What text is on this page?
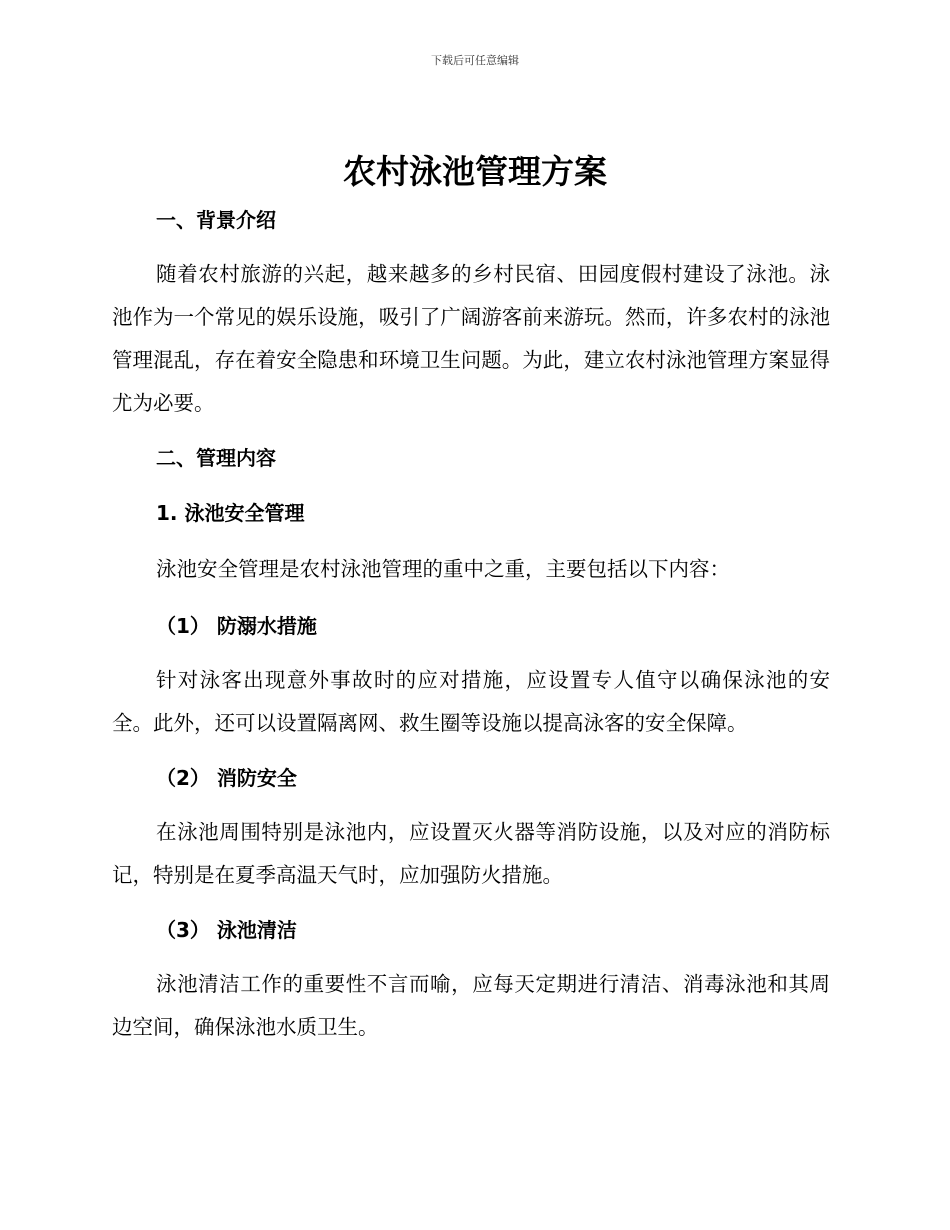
下载后可任意编辑
农村泳池管理方案
一、背景介绍

随着农村旅游的兴起，越来越多的乡村民宿、田园度假村建设了泳池。泳池作为一个常见的娱乐设施，吸引了广阔游客前来游玩。然而，许多农村的泳池管理混乱，存在着安全隐患和环境卫生问题。为此，建立农村泳池管理方案显得尤为必要。

二、管理内容
1. 泳池安全管理

泳池安全管理是农村泳池管理的重中之重，主要包括以下内容：

（1） 防溺水措施

针对泳客出现意外事故时的应对措施，应设置专人值守以确保泳池的安全。此外，还可以设置隔离网、救生圈等设施以提高泳客的安全保障。

（2） 消防安全

在泳池周围特别是泳池内，应设置灭火器等消防设施，以及对应的消防标记，特别是在夏季高温天气时，应加强防火措施。

（3） 泳池清洁

泳池清洁工作的重要性不言而喻，应每天定期进行清洁、消毒泳池和其周边空间，确保泳池水质卫生。
